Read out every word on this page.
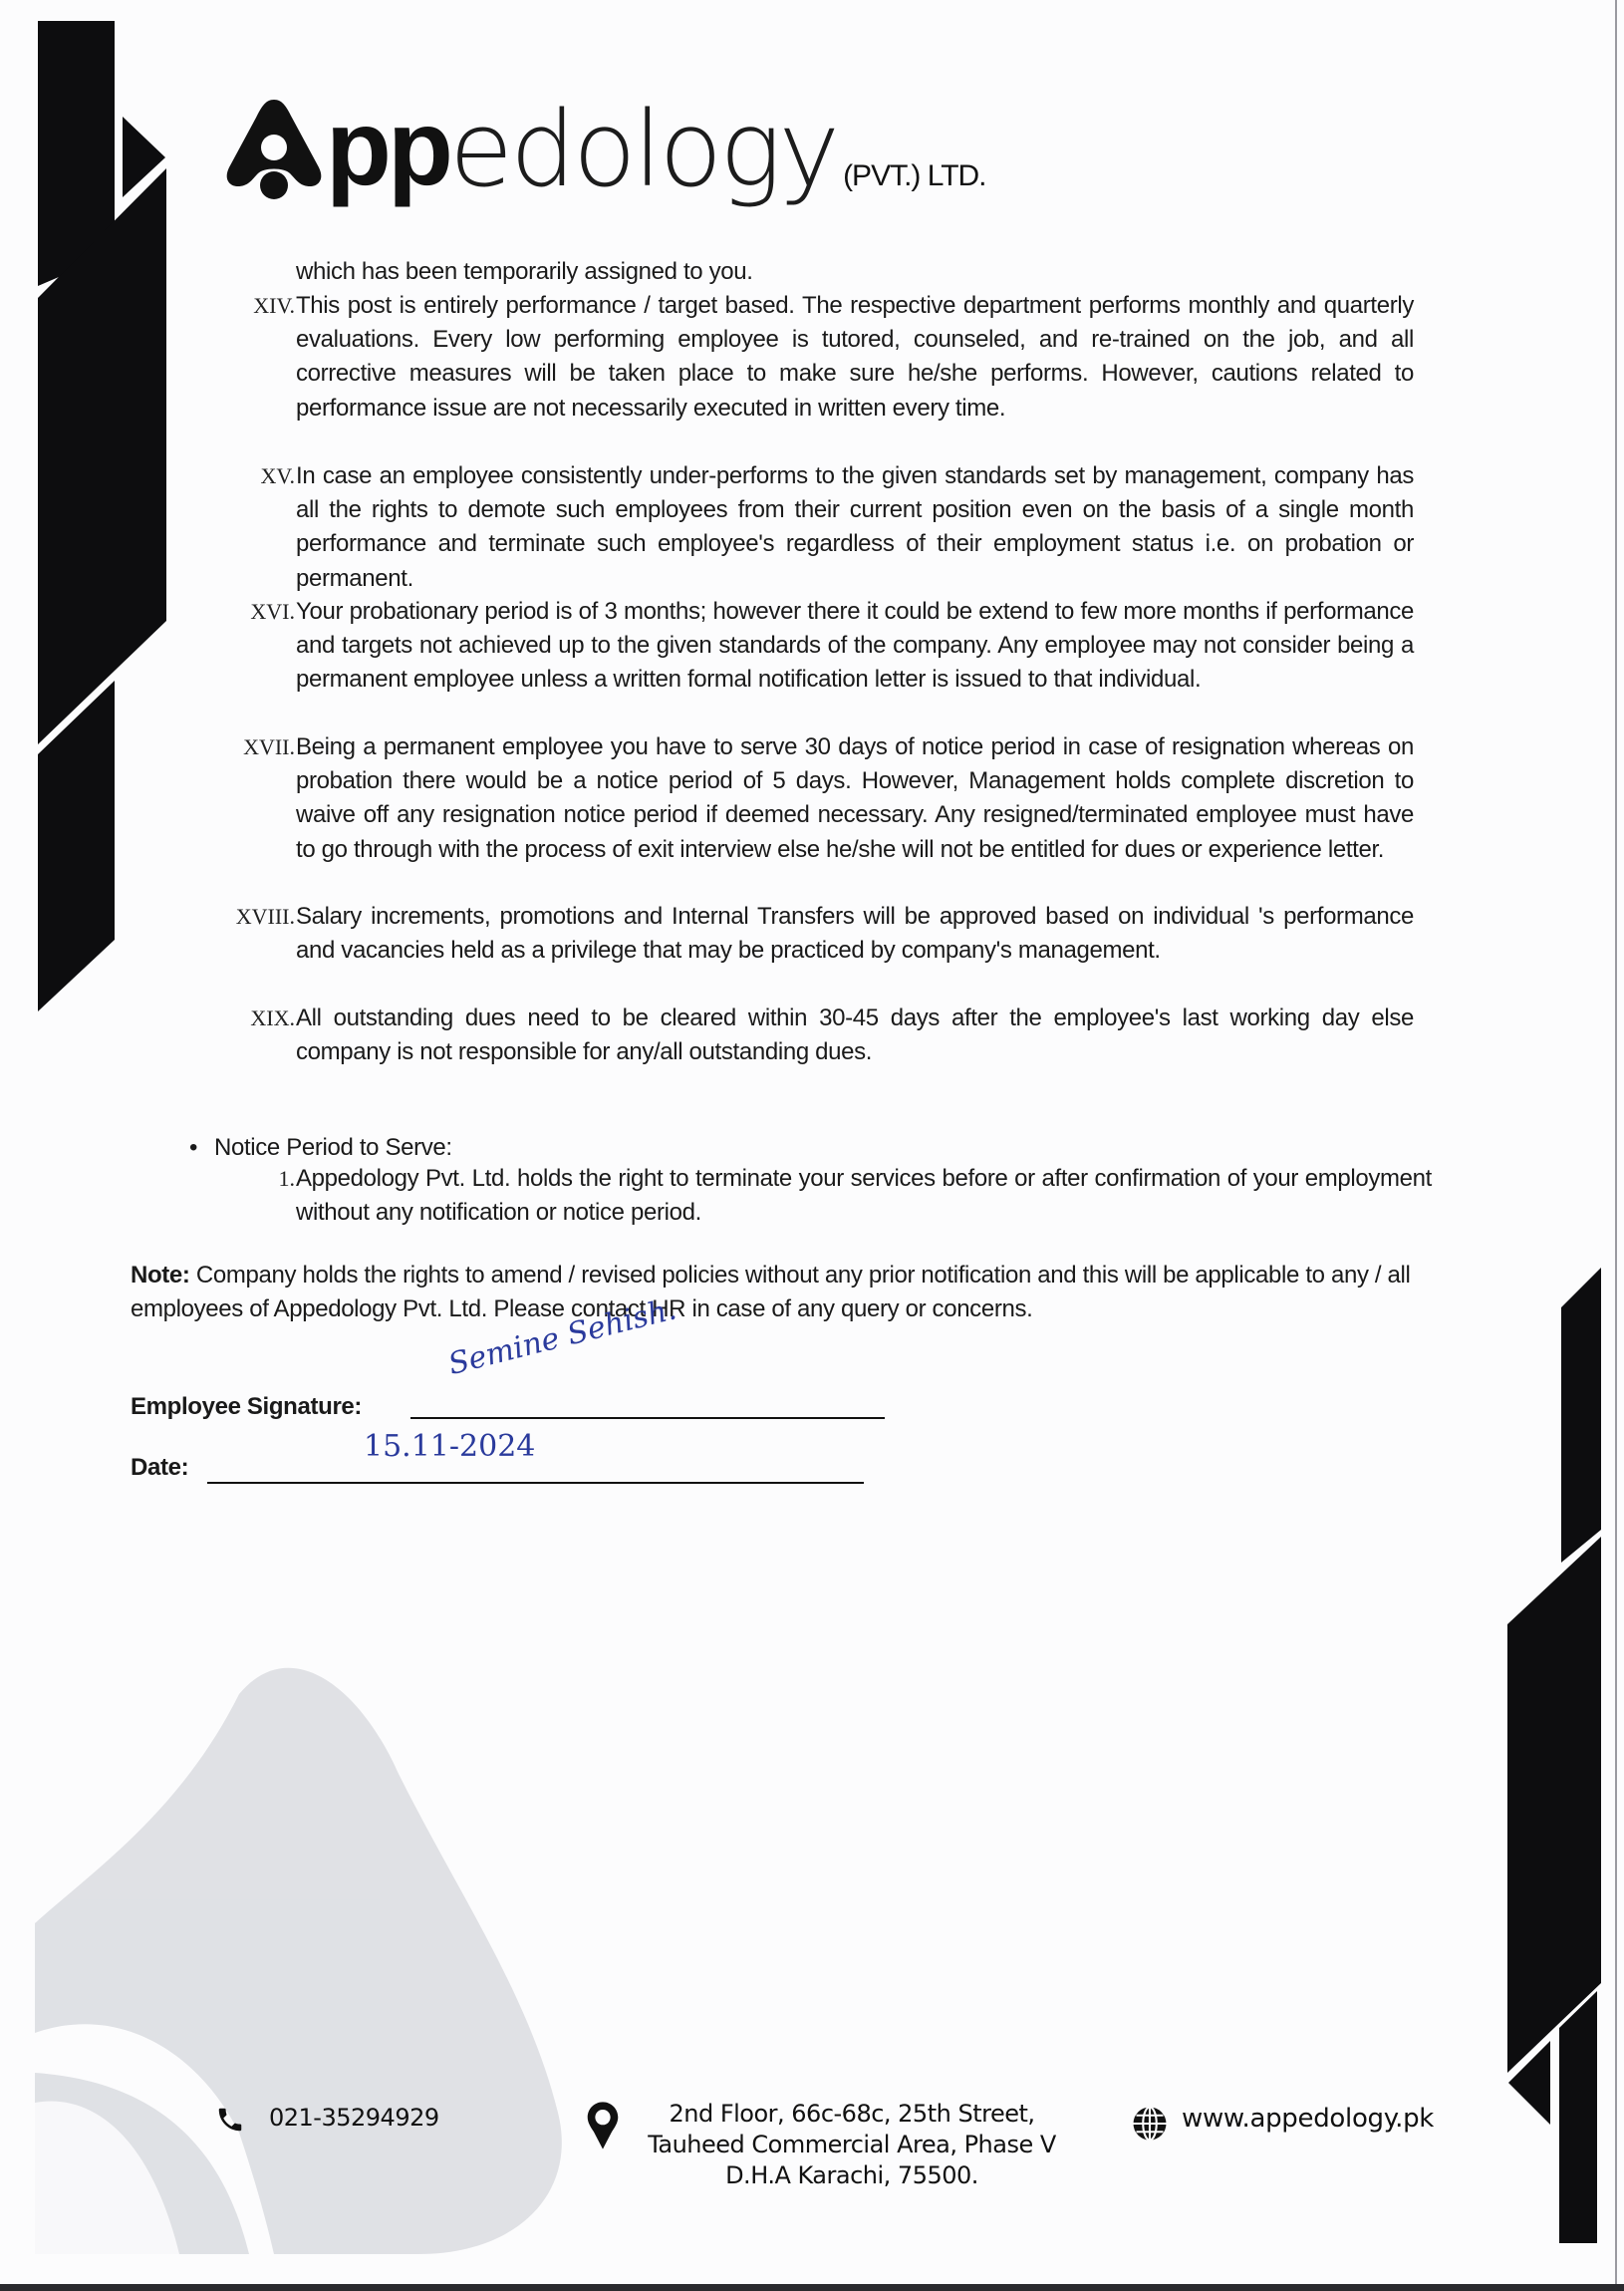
pp edology (PVT.) LTD.
which has been temporarily assigned to you.
XIV. This post is entirely performance / target based. The respective department performs monthly and quarterly evaluations. Every low performing employee is tutored, counseled, and re-trained on the job, and all corrective measures will be taken place to make sure he/she performs. However, cautions related to performance issue are not necessarily executed in written every time.
XV. In case an employee consistently under-performs to the given standards set by management, company has all the rights to demote such employees from their current position even on the basis of a single month performance and terminate such employee's regardless of their employment status i.e. on probation or permanent.
XVI. Your probationary period is of 3 months; however there it could be extend to few more months if performance and targets not achieved up to the given standards of the company. Any employee may not consider being a permanent employee unless a written formal notification letter is issued to that individual.
XVII. Being a permanent employee you have to serve 30 days of notice period in case of resignation whereas on probation there would be a notice period of 5 days. However, Management holds complete discretion to waive off any resignation notice period if deemed necessary. Any resigned/terminated employee must have to go through with the process of exit interview else he/she will not be entitled for dues or experience letter.
XVIII. Salary increments, promotions and Internal Transfers will be approved based on individual 's performance and vacancies held as a privilege that may be practiced by company's management.
XIX. All outstanding dues need to be cleared within 30-45 days after the employee's last working day else company is not responsible for any/all outstanding dues.
• Notice Period to Serve:
1. Appedology Pvt. Ltd. holds the right to terminate your services before or after confirmation of your employment without any notification or notice period.
Note: Company holds the rights to amend / revised policies without any prior notification and this will be applicable to any / all employees of Appedology Pvt. Ltd. Please contact HR in case of any query or concerns.
Employee Signature:
Semine Sehish.
Date:
15.11-2024
021-35294929	2nd Floor, 66c-68c, 25th Street,
Tauheed Commercial Area, Phase V
D.H.A Karachi, 75500.
www.appedology.pk
